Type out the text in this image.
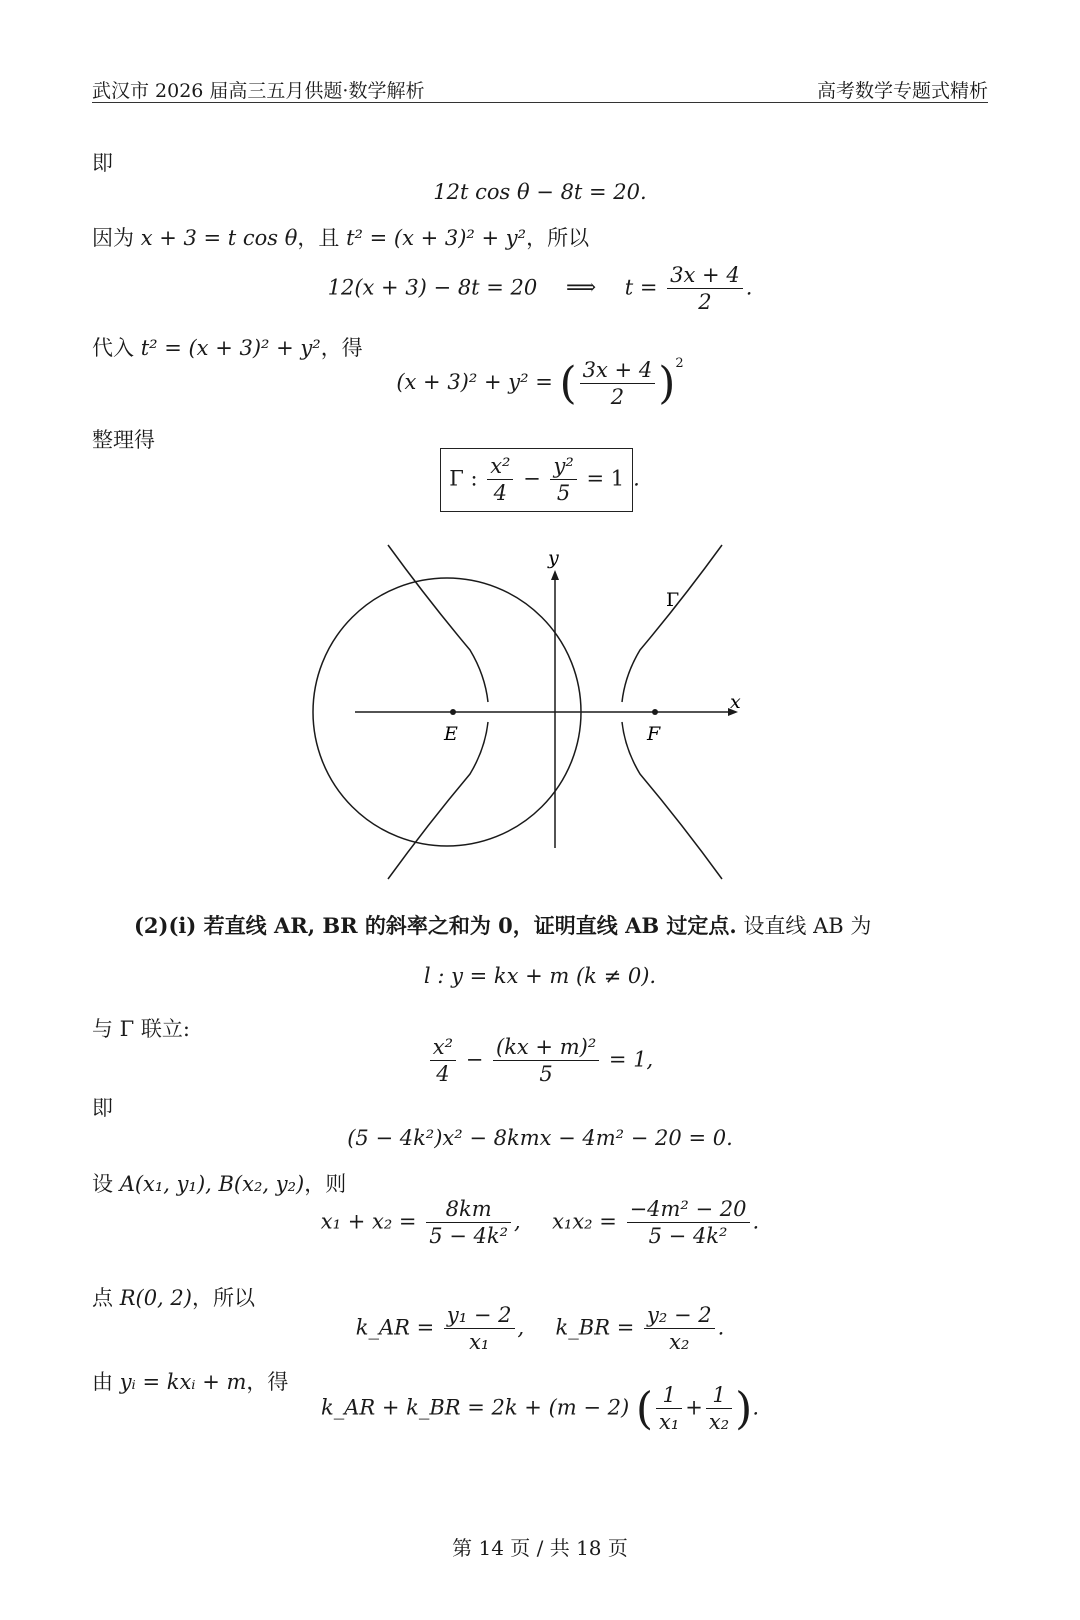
武汉市 2026 届高三五月供题·数学解析	高考数学专题式精析
即
12t cos θ − 8t = 20.
因为 x + 3 = t cos θ，且 t² = (x + 3)² + y²，所以
12(x + 3) − 8t = 20 ⟹ $t = \frac{3x + 4}{2}$ .
代入 t² = (x + 3)² + y²，得
(x + 3)² + y² = ( $\frac{3x + 4}{2} )^2$
整理得
Γ : $\frac{\text{x²}}{4} - \frac{\text{y²}}{5} = 1$ .
x
y
E	F
Γ
(2)(i) 若直线 AR, BR 的斜率之和为 0，证明直线 AB 过定点. 设直线 AB 为
l : y = kx + m (k ≠ 0).
与 Γ 联立:
$\frac{\text{x²}}{4} - \frac{\text{(kx + m)²}}{5} = 1$,
即
(5 − 4k²)x² − 8kmx − 4m² − 20 = 0.
设 A(x₁, y₁), B(x₂, y₂)，则
$x_1 + x_2 = \frac{8km}{\text{5 − 4k²}}$ ,  $x_1x_2 = \frac{\text{−4m² − 20}}{\text{5 − 4k²}}$ .
点 R(0, 2)，所以
k_AR = $\frac{\text{y₁ − 2}}{\text{x₁}}$ ,  k_BR = $\frac{\text{y₂ − 2}}{\text{x₂}}$ .
由 yᵢ = kxᵢ + m，得
k_AR + k_BR = 2k + (m − 2) ( $\frac{1}{\text{x₁}} + \frac{1}{\text{x₂}}$ ).
第 14 页 / 共 18 页
